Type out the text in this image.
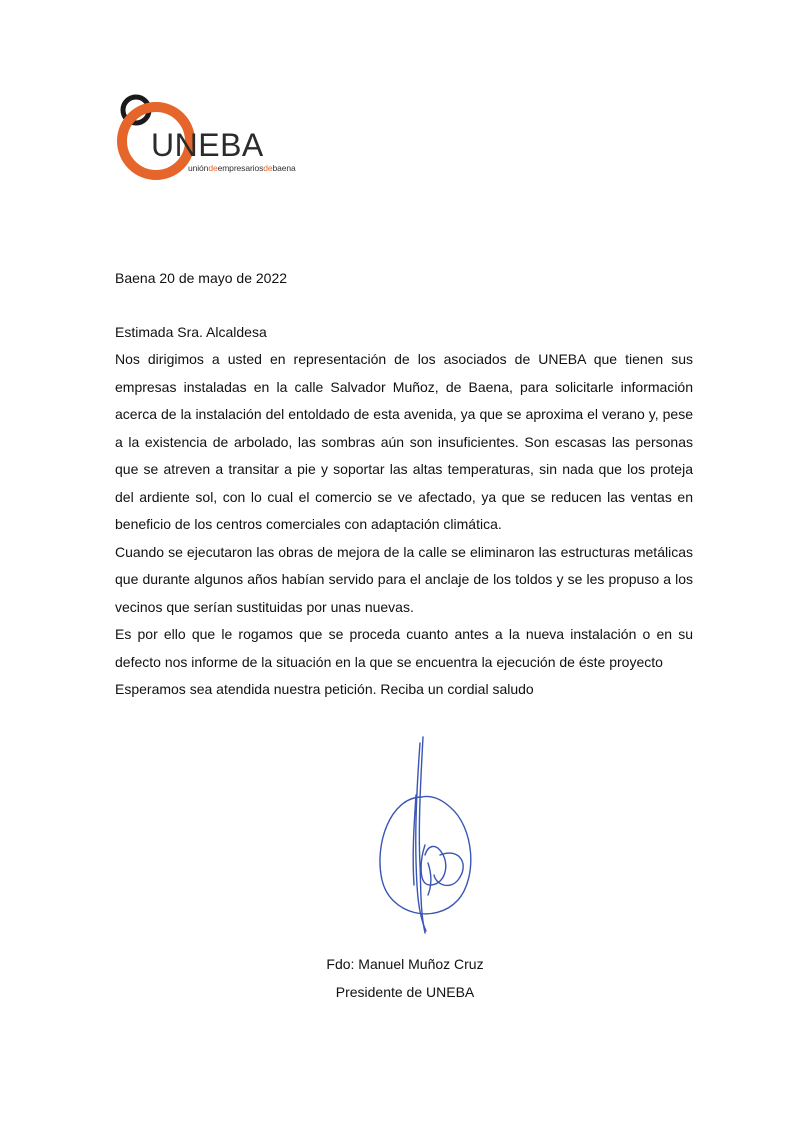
UNEBA
unióndeempresariosdebaena
Baena 20 de mayo de 2022
Estimada Sra. Alcaldesa

Nos dirigimos a usted en representación de los asociados de UNEBA que tienen sus empresas instaladas en la calle Salvador Muñoz, de Baena, para solicitarle información acerca de la instalación del entoldado de esta avenida, ya que se aproxima el verano y, pese a la existencia de arbolado, las sombras aún son insuficientes. Son escasas las personas que se atreven a transitar a pie y soportar las altas temperaturas, sin nada que los proteja del ardiente sol, con lo cual el comercio se ve afectado, ya que se reducen las ventas en beneficio de los centros comerciales con adaptación climática.

Cuando se ejecutaron las obras de mejora de la calle se eliminaron las estructuras metálicas que durante algunos años habían servido para el anclaje de los toldos y se les propuso a los vecinos que serían sustituidas por unas nuevas.

Es por ello que le rogamos que se proceda cuanto antes a la nueva instalación o en su defecto nos informe de la situación en la que se encuentra la ejecución de éste proyecto

Esperamos sea atendida nuestra petición. Reciba un cordial saludo

Fdo: Manuel Muñoz Cruz
Presidente de UNEBA
